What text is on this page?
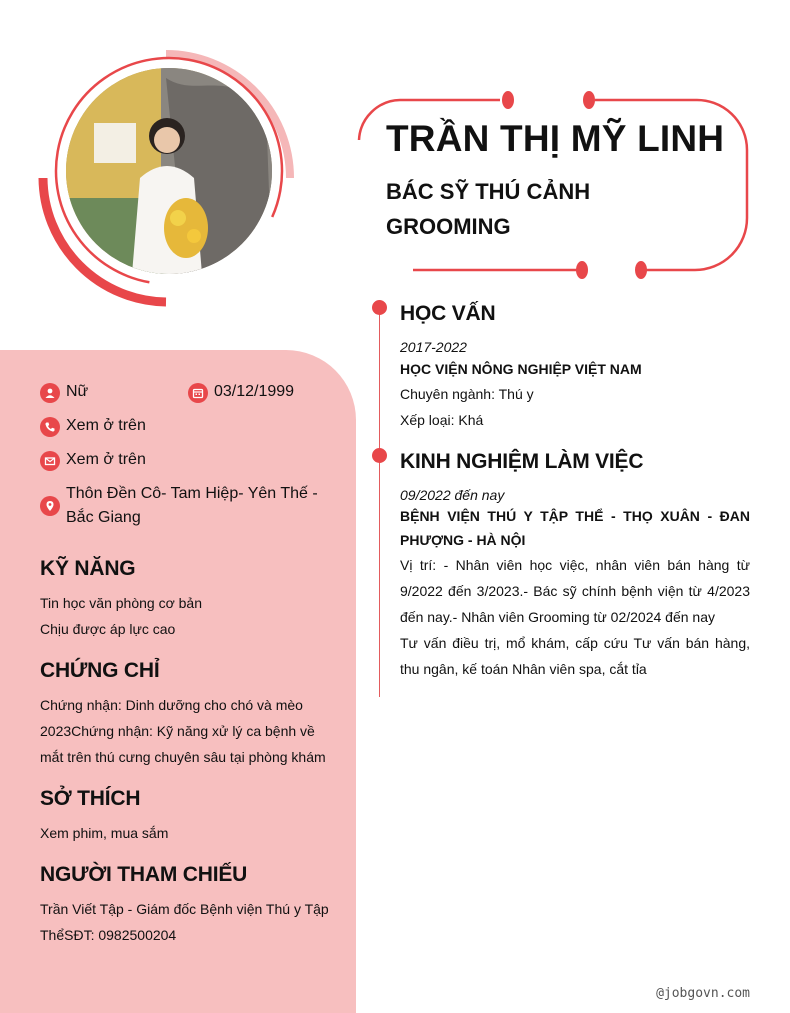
TRẦN THỊ MỸ LINH
BÁC SỸ THÚ CẢNH
GROOMING
Nữ	03/12/1999
Xem ở trên
Xem ở trên
Thôn Đền Cô- Tam Hiệp- Yên Thế -
Bắc Giang
KỸ NĂNG
Tin học văn phòng cơ bản
Chịu được áp lực cao
CHỨNG CHỈ
Chứng nhận: Dinh dưỡng cho chó và mèo
2023Chứng nhận: Kỹ năng xử lý ca bệnh về
mắt trên thú cưng chuyên sâu tại phòng khám
SỞ THÍCH
Xem phim, mua sắm
NGƯỜI THAM CHIẾU
Trần Viết Tập - Giám đốc Bệnh viện Thú y Tập
ThểSĐT: 0982500204
HỌC VẤN
2017-2022
HỌC VIỆN NÔNG NGHIỆP VIỆT NAM
Chuyên ngành: Thú y
Xếp loại: Khá
KINH NGHIỆM LÀM VIỆC
09/2022 đến nay
BỆNH VIỆN THÚ Y TẬP THỂ - THỌ XUÂN - ĐAN PHƯỢNG - HÀ NỘI
Vị trí: - Nhân viên học việc, nhân viên bán hàng từ 9/2022 đến 3/2023.- Bác sỹ chính bệnh viện từ 4/2023 đến nay.- Nhân viên Grooming từ 02/2024 đến nay
Tư vấn điều trị, mổ khám, cấp cứu Tư vấn bán hàng, thu ngân, kế toán Nhân viên spa, cắt tỉa
@jobgovn.com
